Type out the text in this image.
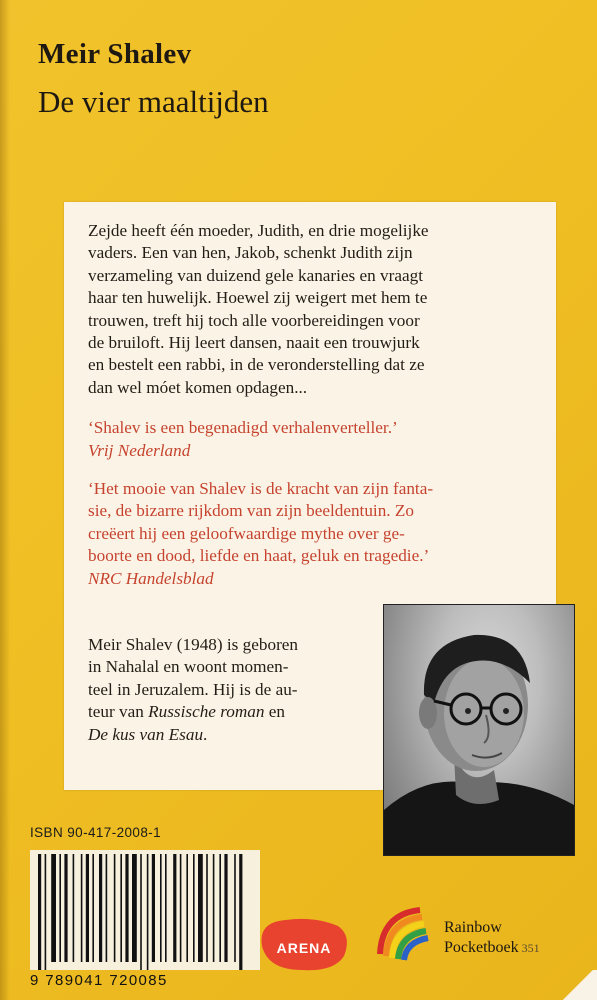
Meir Shalev
De vier maaltijden

Zejde heeft één moeder, Judith, en drie mogelijke

vaders. Een van hen, Jakob, schenkt Judith zijn

verzameling van duizend gele kanaries en vraagt

haar ten huwelijk. Hoewel zij weigert met hem te

trouwen, treft hij toch alle voorbereidingen voor

de bruiloft. Hij leert dansen, naait een trouwjurk

en bestelt een rabbi, in de veronderstelling dat ze

dan wel móet komen opdagen...

‘Shalev is een begenadigd verhalenverteller.’

Vrij Nederland

‘Het mooie van Shalev is de kracht van zijn fanta-

sie, de bizarre rijkdom van zijn beeldentuin. Zo

creëert hij een geloofwaardige mythe over ge-

boorte en dood, liefde en haat, geluk en tragedie.’

NRC Handelsblad

Meir Shalev (1948) is geboren

in Nahalal en woont momen-

teel in Jeruzalem. Hij is de au-

teur van Russische roman en

De kus van Esau.

ISBN 90-417-2008-1
9 789041 720085
ARENA
Rainbow
Pocketboek 351
